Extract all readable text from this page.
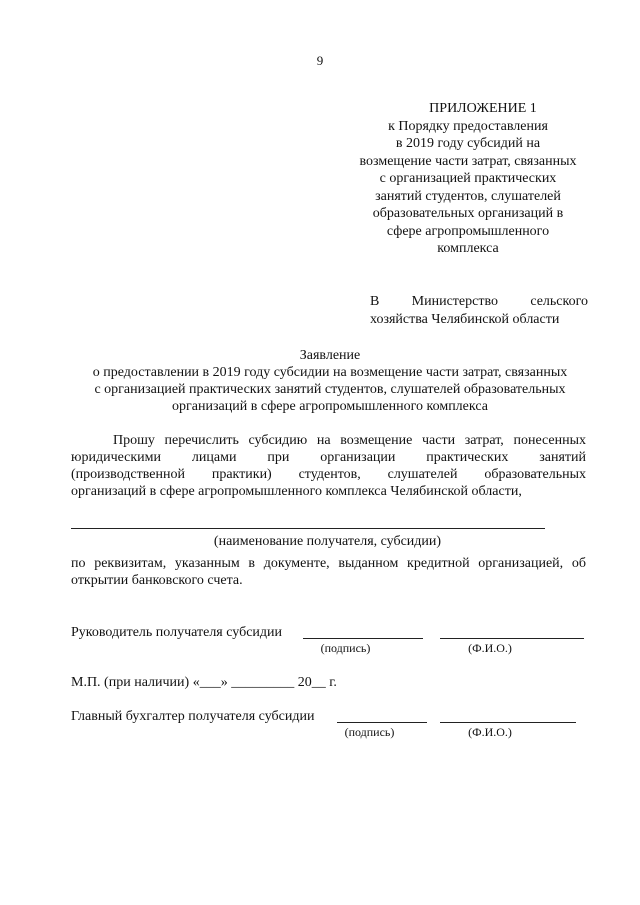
9
ПРИЛОЖЕНИЕ 1
к Порядку предоставления
в 2019 году субсидий на
возмещение части затрат, связанных
с организацией практических
занятий студентов, слушателей
образовательных организаций в
сфере агропромышленного
комплекса
В Министерство сельского
хозяйства Челябинской области
Заявление
о предоставлении в 2019 году субсидии на возмещение части затрат, связанных
с организацией практических занятий студентов, слушателей образовательных
организаций в сфере агропромышленного комплекса
Прошу перечислить субсидию на возмещение части затрат, понесенных
юридическими лицами при организации практических занятий
(производственной практики) студентов, слушателей образовательных
организаций в сфере агропромышленного комплекса Челябинской области,
(наименование получателя, субсидии)
по реквизитам, указанным в документе, выданном кредитной организацией, об
открытии банковского счета.
Руководитель получателя субсидии
(подпись)	(Ф.И.О.)
М.П. (при наличии) «___» _________ 20__ г.
Главный бухгалтер получателя субсидии
(подпись)	(Ф.И.О.)
